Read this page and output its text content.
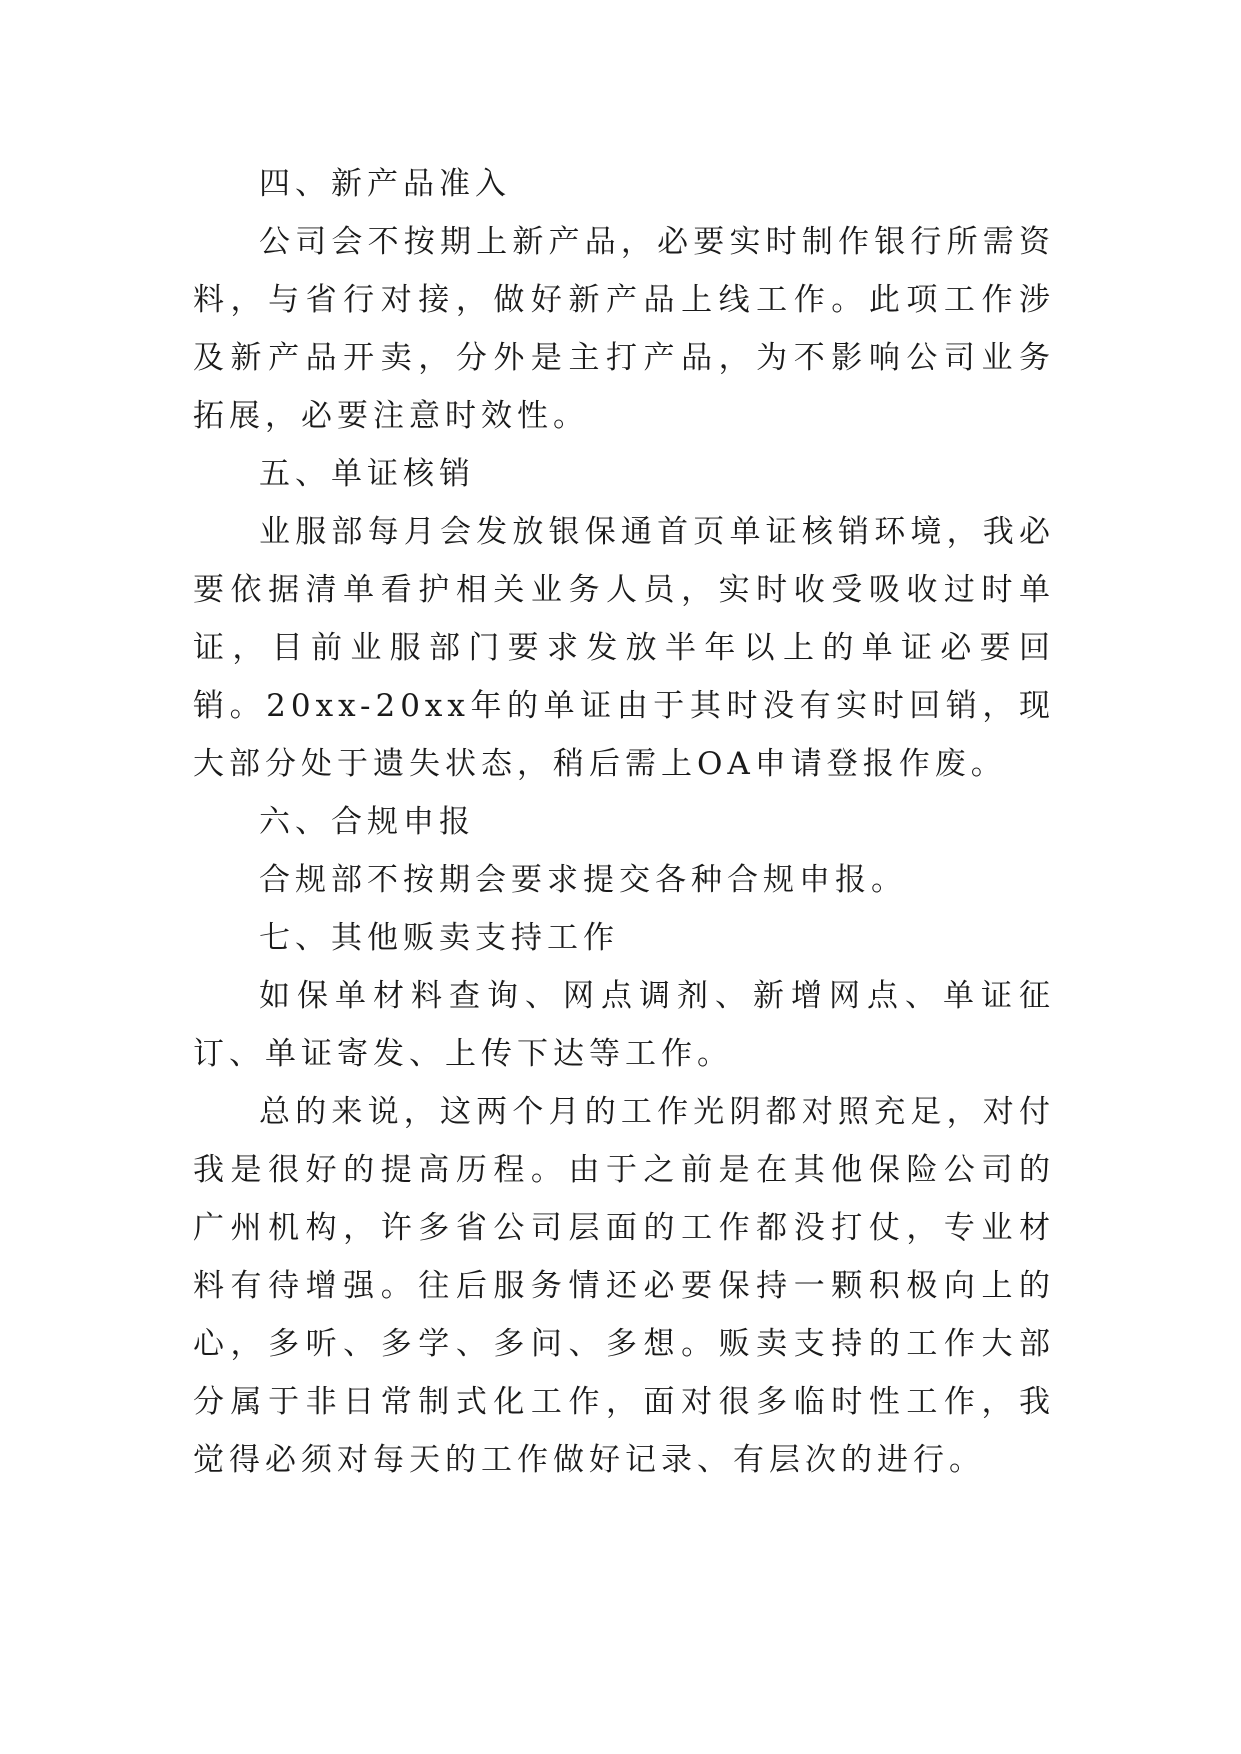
四、新产品准入

公司会不按期上新产品，必要实时制作银行所需资料，与省行对接，做好新产品上线工作。此项工作涉及新产品开卖，分外是主打产品，为不影响公司业务拓展，必要注意时效性。

五、单证核销

业服部每月会发放银保通首页单证核销环境，我必要依据清单看护相关业务人员，实时收受吸收过时单证，目前业服部门要求发放半年以上的单证必要回销。20xx-20xx年的单证由于其时没有实时回销，现大部分处于遗失状态，稍后需上OA申请登报作废。

六、合规申报

合规部不按期会要求提交各种合规申报。

七、其他贩卖支持工作

如保单材料查询、网点调剂、新增网点、单证征订、单证寄发、上传下达等工作。

总的来说，这两个月的工作光阴都对照充足，对付我是很好的提高历程。由于之前是在其他保险公司的广州机构，许多省公司层面的工作都没打仗，专业材料有待增强。往后服务情还必要保持一颗积极向上的心，多听、多学、多问、多想。贩卖支持的工作大部分属于非日常制式化工作，面对很多临时性工作，我觉得必须对每天的工作做好记录、有层次的进行。
